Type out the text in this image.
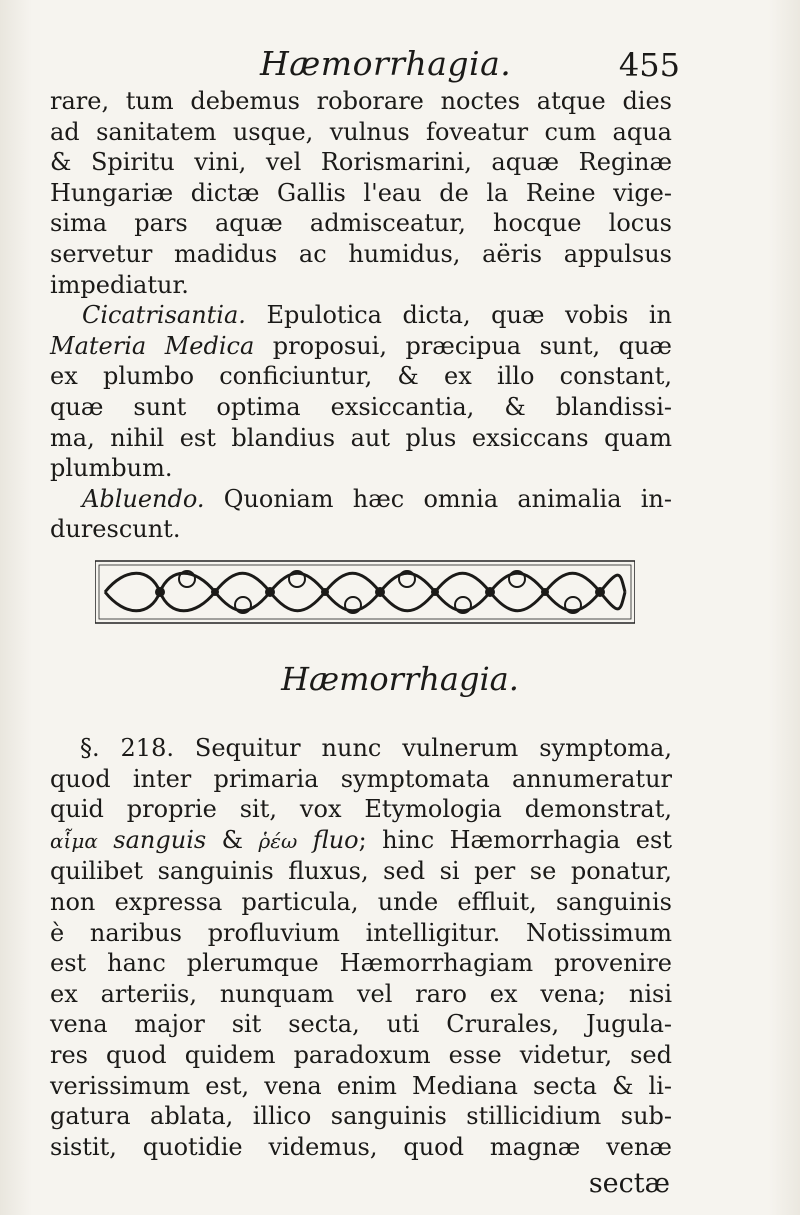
Hæmorrhagia.	455
rare, tum debemus roborare noctes atque dies
ad sanitatem usque, vulnus foveatur cum aqua
& Spiritu vini, vel Rorismarini, aquæ Reginæ
Hungariæ dictæ Gallis l'eau de la Reine vige-
sima pars aquæ admisceatur, hocque locus
servetur madidus ac humidus, aëris appulsus
impediatur.
Cicatrisantia. Epulotica dicta, quæ vobis in
Materia Medica proposui, præcipua sunt, quæ
ex plumbo conficiuntur, & ex illo constant,
quæ sunt optima exsiccantia, & blandissi-
ma, nihil est blandius aut plus exsiccans quam
plumbum.
Abluendo. Quoniam hæc omnia animalia in-
durescunt.
Hæmorrhagia.
§. 218. Sequitur nunc vulnerum symptoma,
quod inter primaria symptomata annumeratur
quid proprie sit, vox Etymologia demonstrat,
αἷμα sanguis & ῥέω fluo; hinc Hæmorrhagia est
quilibet sanguinis fluxus, sed si per se ponatur,
non expressa particula, unde effluit, sanguinis
è naribus profluvium intelligitur. Notissimum
est hanc plerumque Hæmorrhagiam provenire
ex arteriis, nunquam vel raro ex vena; nisi
vena major sit secta, uti Crurales, Jugula-
res quod quidem paradoxum esse videtur, sed
verissimum est, vena enim Mediana secta & li-
gatura ablata, illico sanguinis stillicidium sub-
sistit, quotidie videmus, quod magnæ venæ
sectæ
